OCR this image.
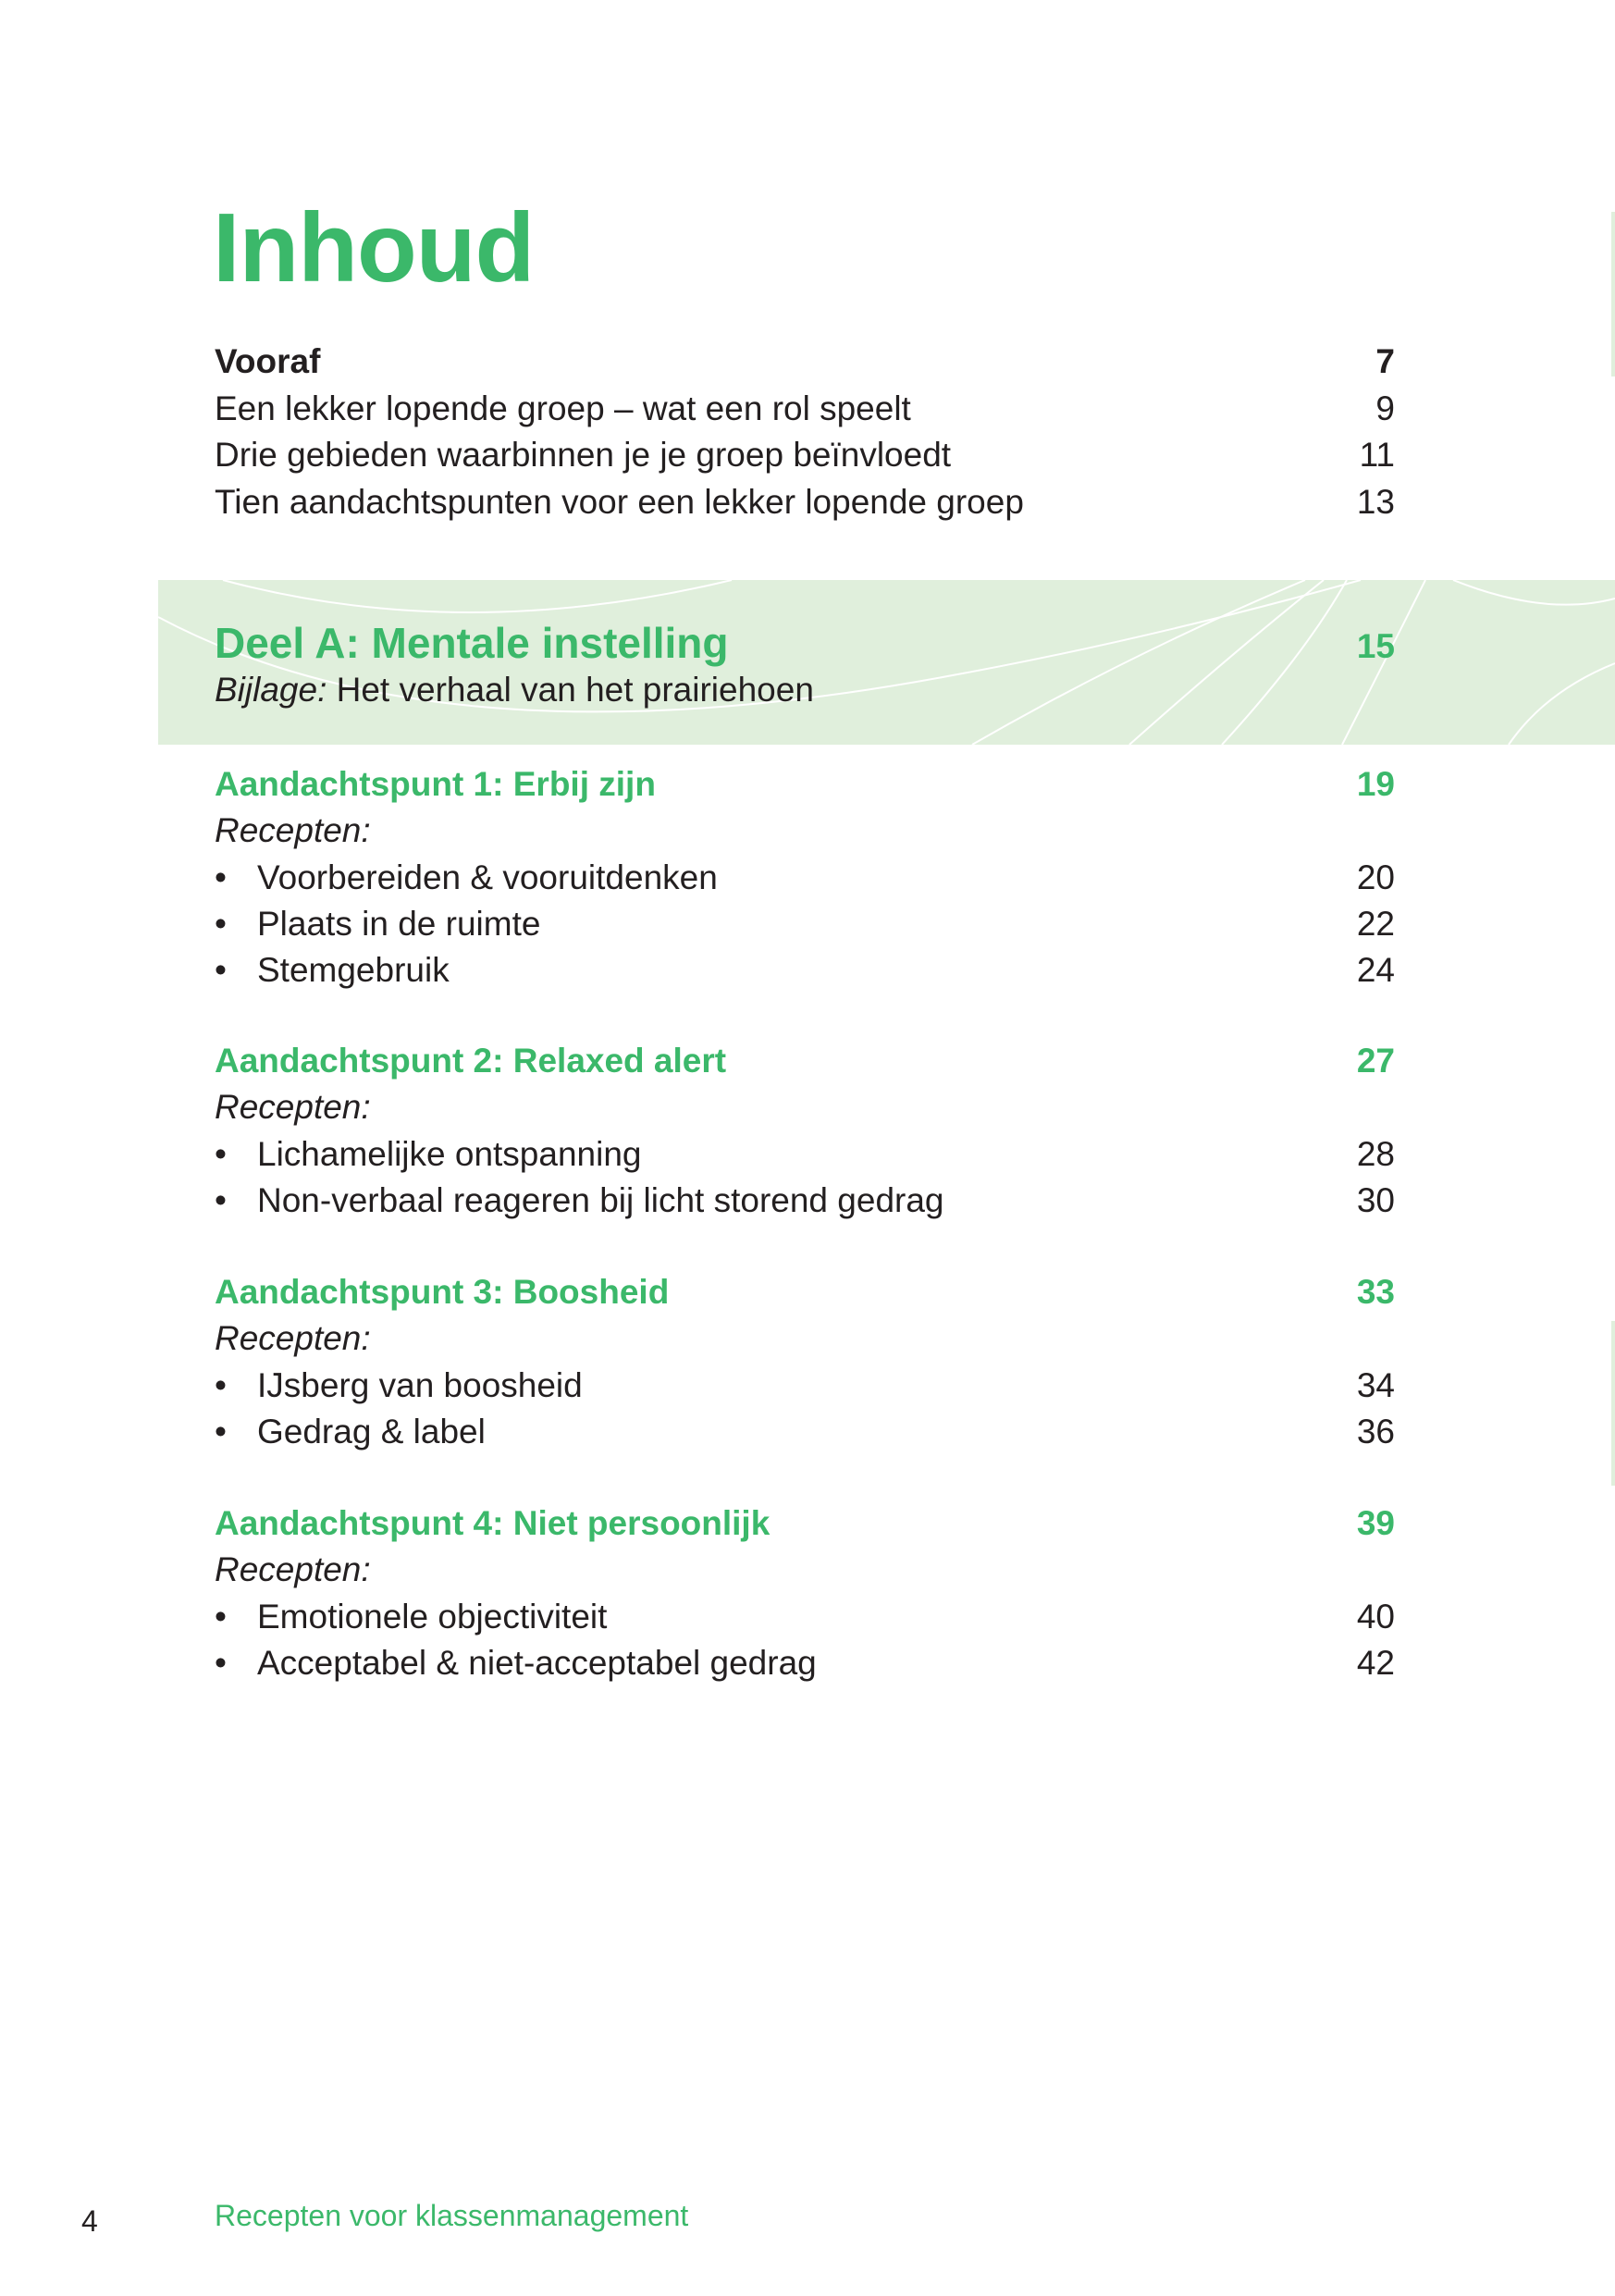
Inhoud
Vooraf	7
Een lekker lopende groep – wat een rol speelt	9
Drie gebieden waarbinnen je je groep beïnvloedt	11
Tien aandachtspunten voor een lekker lopende groep	13
Deel A: Mentale instelling	15
Bijlage: Het verhaal van het prairiehoen
Aandachtspunt 1: Erbij zijn	19
Recepten:
• Voorbereiden & vooruitdenken	20
• Plaats in de ruimte	22
• Stemgebruik	24
Aandachtspunt 2: Relaxed alert	27
Recepten:
• Lichamelijke ontspanning	28
• Non-verbaal reageren bij licht storend gedrag	30
Aandachtspunt 3: Boosheid	33
Recepten:
• IJsberg van boosheid	34
• Gedrag & label	36
Aandachtspunt 4: Niet persoonlijk	39
Recepten:
• Emotionele objectiviteit	40
• Acceptabel & niet-acceptabel gedrag	42
4	Recepten voor klassenmanagement
